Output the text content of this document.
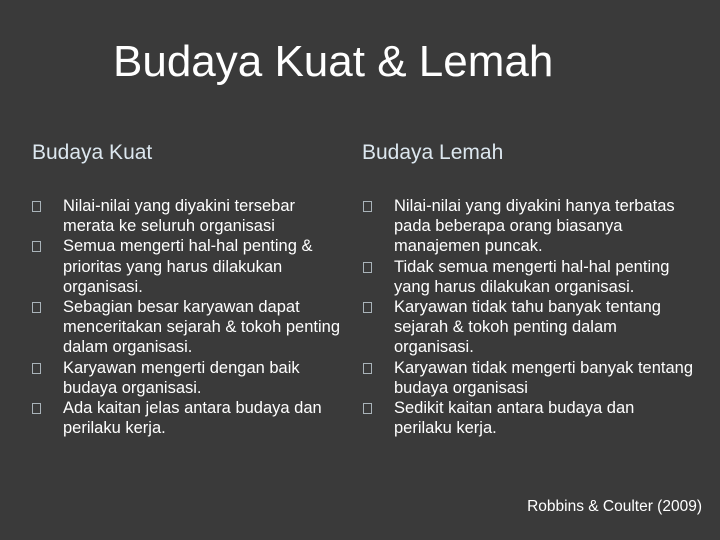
Budaya Kuat & Lemah
Budaya Kuat	Budaya Lemah
Nilai-nilai yang diyakini tersebar merata ke seluruh organisasi
Semua mengerti hal-hal penting & prioritas yang harus dilakukan organisasi.
Sebagian besar karyawan dapat menceritakan sejarah & tokoh penting dalam organisasi.
Karyawan mengerti dengan baik budaya organisasi.
Ada kaitan jelas antara budaya dan perilaku kerja.
Nilai-nilai yang diyakini hanya terbatas pada beberapa orang biasanya manajemen puncak.
Tidak semua mengerti hal-hal penting yang harus dilakukan organisasi.
Karyawan tidak tahu banyak tentang sejarah & tokoh penting dalam organisasi.
Karyawan tidak mengerti banyak tentang budaya organisasi
Sedikit kaitan antara budaya dan perilaku kerja.
Robbins & Coulter (2009)
